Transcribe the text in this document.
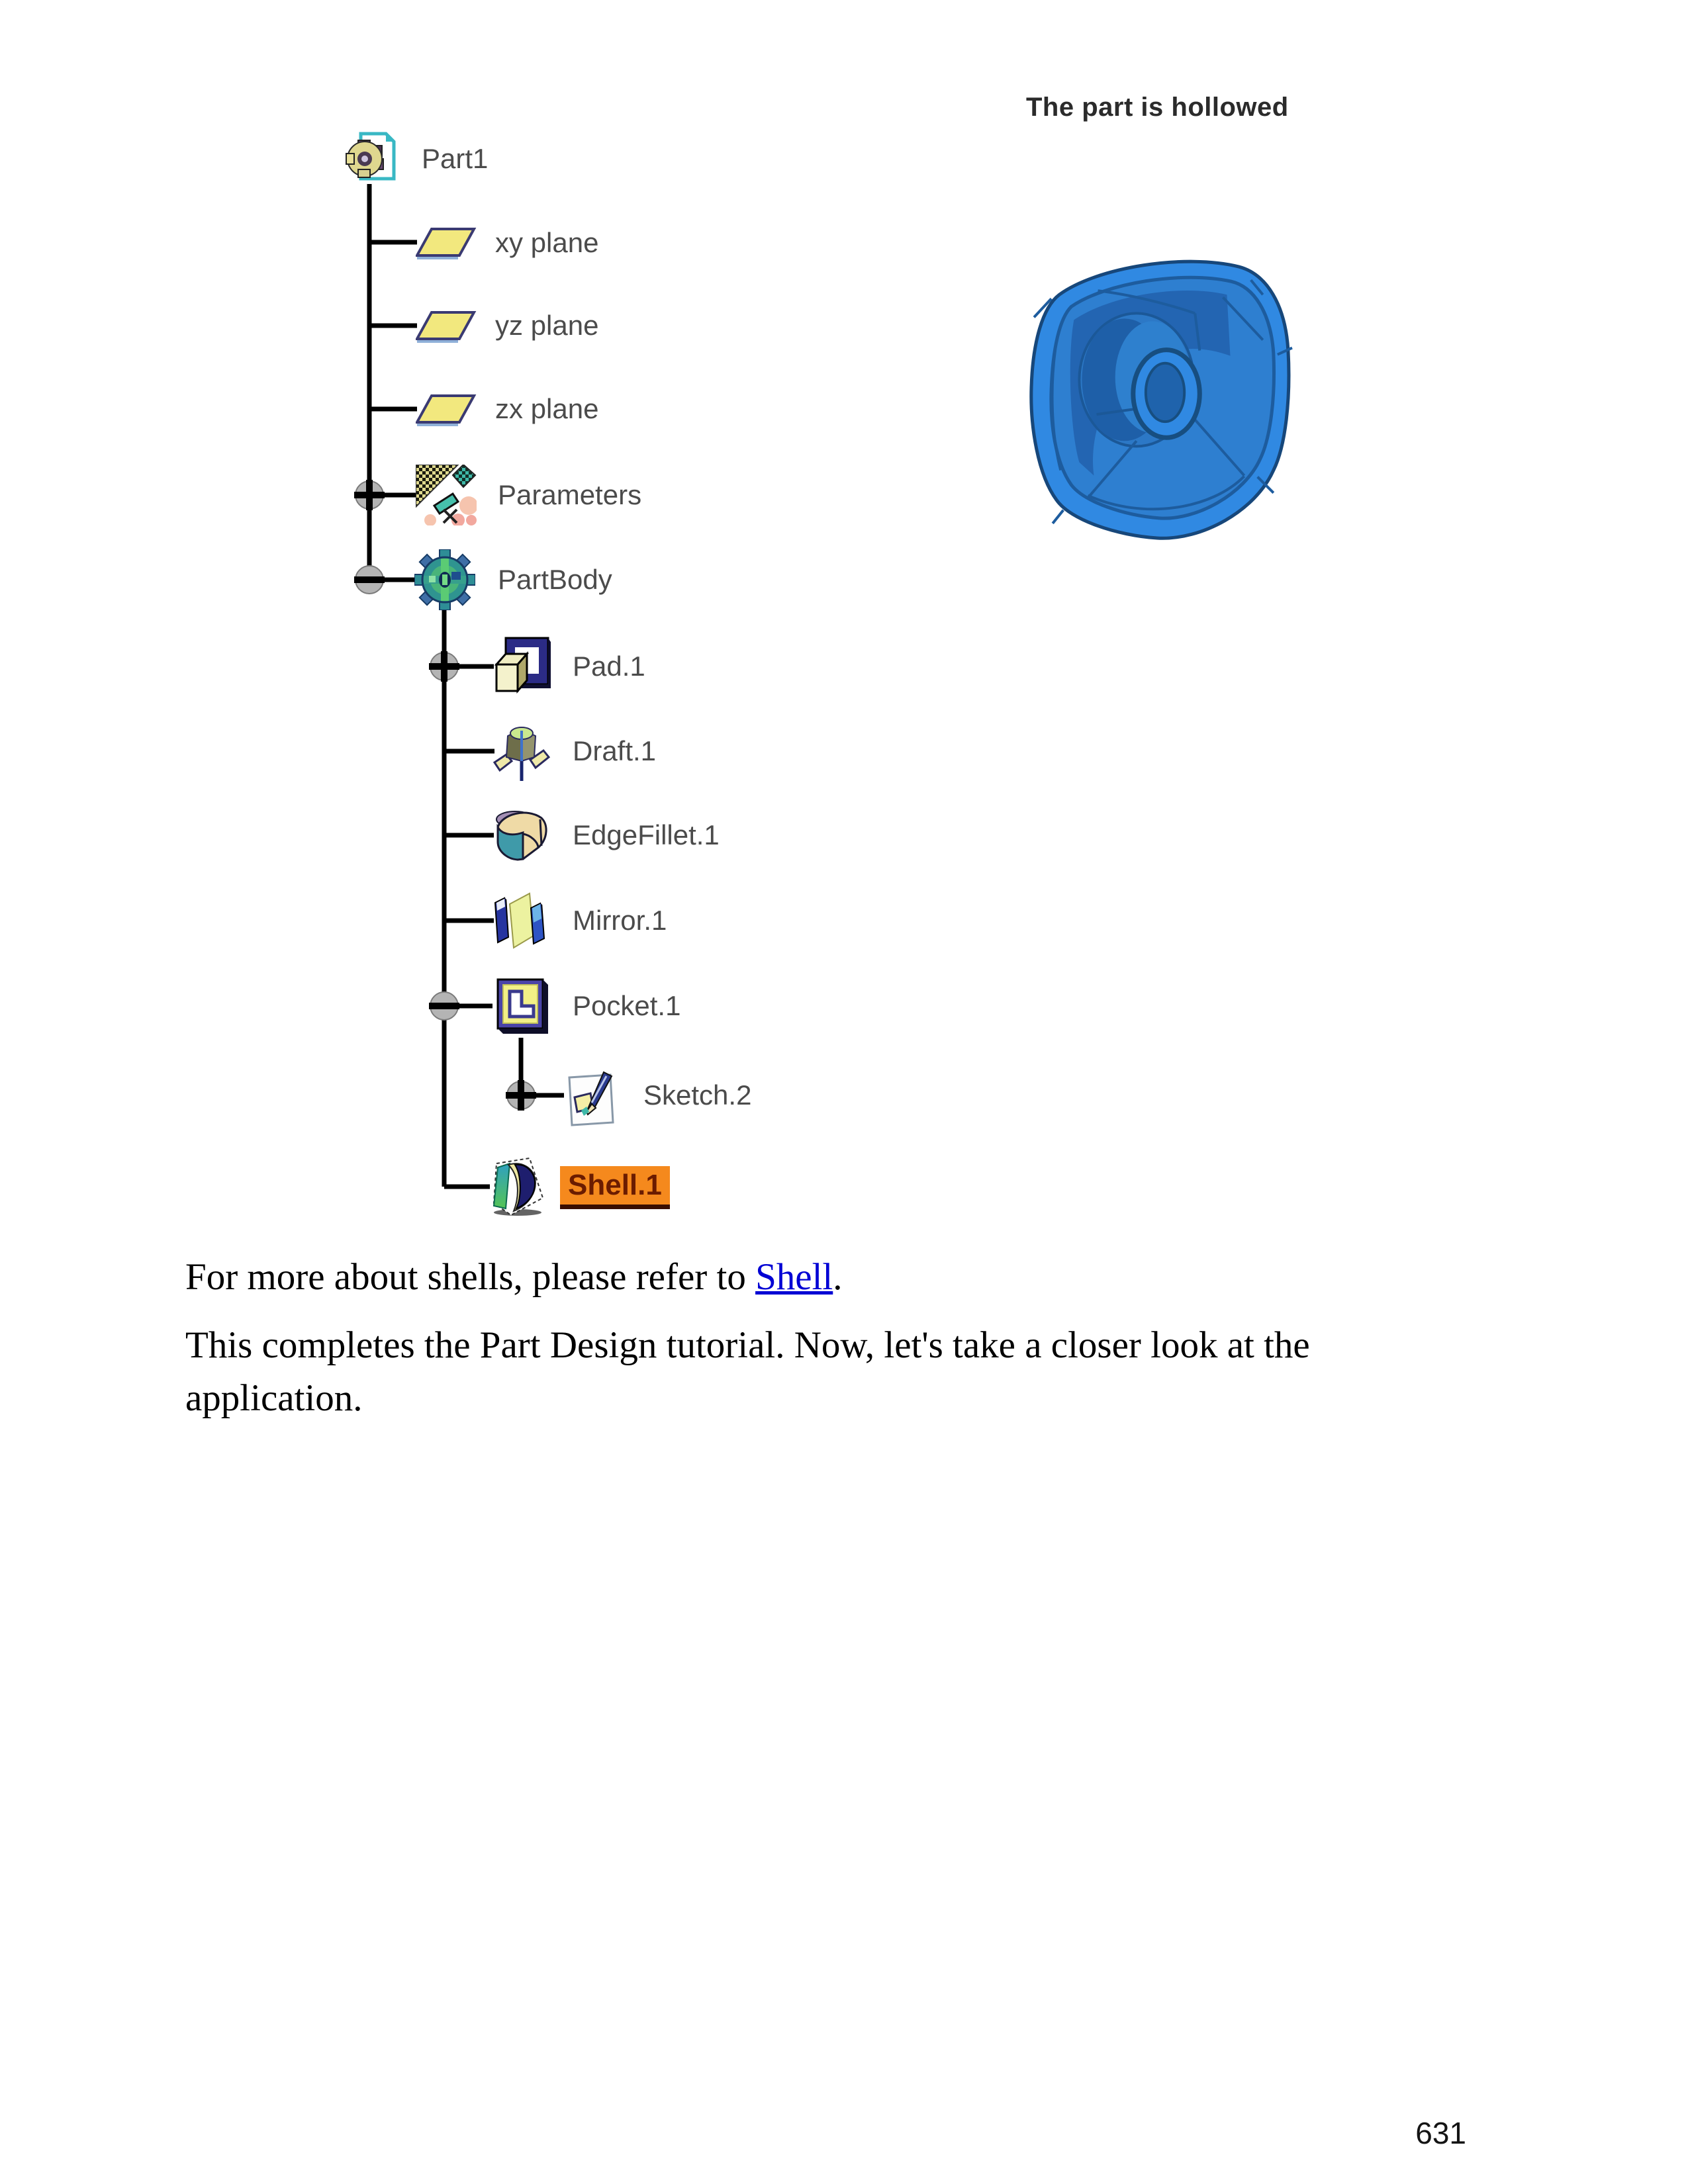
The part is hollowed
Part1
xy plane
yz plane
zx plane
Parameters
PartBody
Pad.1
Draft.1
EdgeFillet.1
Mirror.1
Pocket.1
Sketch.2
Shell.1
For more about shells, please refer to Shell.
This completes the Part Design tutorial. Now, let's take a closer look at the application.
631
